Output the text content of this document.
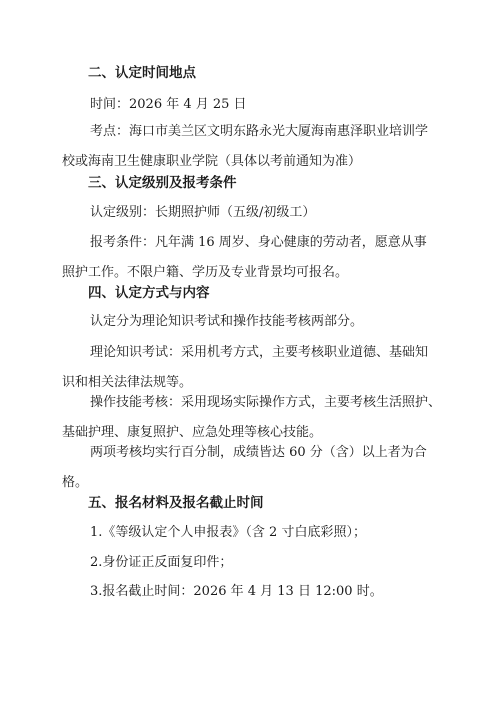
二、认定时间地点

时间：2026 年 4 月 25 日

考点：海口市美兰区文明东路永光大厦海南惠泽职业培训学

校或海南卫生健康职业学院（具体以考前通知为准）

三、认定级别及报考条件

认定级别：长期照护师（五级/初级工）

报考条件：凡年满 16 周岁、身心健康的劳动者，愿意从事

照护工作。不限户籍、学历及专业背景均可报名。

四、认定方式与内容

认定分为理论知识考试和操作技能考核两部分。

理论知识考试：采用机考方式，主要考核职业道德、基础知

识和相关法律法规等。

操作技能考核：采用现场实际操作方式，主要考核生活照护、

基础护理、康复照护、应急处理等核心技能。

两项考核均实行百分制，成绩皆达 60 分（含）以上者为合

格。

五、报名材料及报名截止时间

1.《等级认定个人申报表》（含 2 寸白底彩照）；

2.身份证正反面复印件；

3.报名截止时间：2026 年 4 月 13 日 12:00 时。
